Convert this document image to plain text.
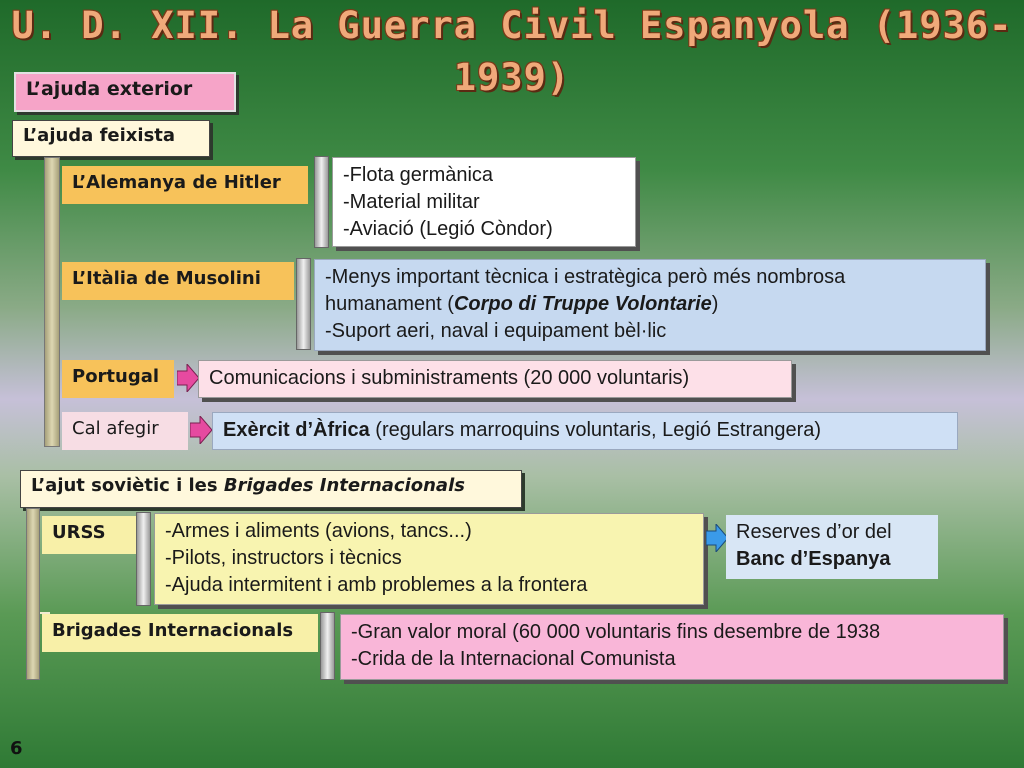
U. D. XII. La Guerra Civil Espanyola (1936-1939)
L’ajuda exterior
L’ajuda feixista
L’Alemanya de Hitler	-Flota germànica
-Material militar
-Aviació (Legió Còndor)
L’Itàlia de Musolini	-Menys important tècnica i estratègica però més nombrosa
humanament (Corpo di Truppe Volontarie)
-Suport aeri, naval i equipament bèl·lic
Portugal	Comunicacions i subministraments (20 000 voluntaris)
Cal afegir	Exèrcit d’Àfrica (regulars marroquins voluntaris, Legió Estrangera)
L’ajut soviètic i les Brigades Internacionals
URSS	-Armes i aliments (avions, tancs...)
-Pilots, instructors i tècnics
-Ajuda intermitent i amb problemes a la frontera
Reserves d’or del
Banc d’Espanya
Brigades Internacionals	-Gran valor moral (60 000 voluntaris fins desembre de 1938
-Crida de la Internacional Comunista
6
